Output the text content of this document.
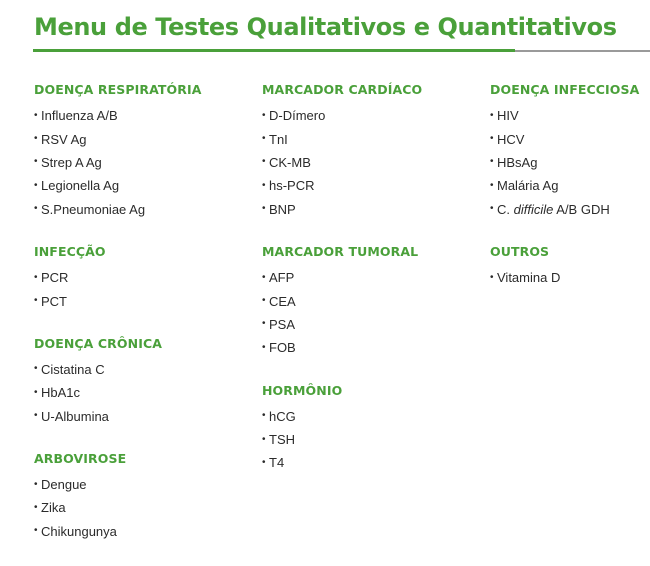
Menu de Testes Qualitativos e Quantitativos
DOENÇA RESPIRATÓRIA
• Influenza A/B
• RSV Ag
• Strep A Ag
• Legionella Ag
• S.Pneumoniae Ag
INFECÇÃO
• PCR
• PCT
DOENÇA CRÔNICA
• Cistatina C
• HbA1c
• U-Albumina
ARBOVIROSE
• Dengue
• Zika
• Chikungunya
MARCADOR CARDÍACO
• D-Dímero
• TnI
• CK-MB
• hs-PCR
• BNP
MARCADOR TUMORAL
• AFP
• CEA
• PSA
• FOB
HORMÔNIO
• hCG
• TSH
• T4
DOENÇA INFECCIOSA
• HIV
• HCV
• HBsAg
• Malária Ag
• C. difficile A/B GDH
OUTROS
• Vitamina D
